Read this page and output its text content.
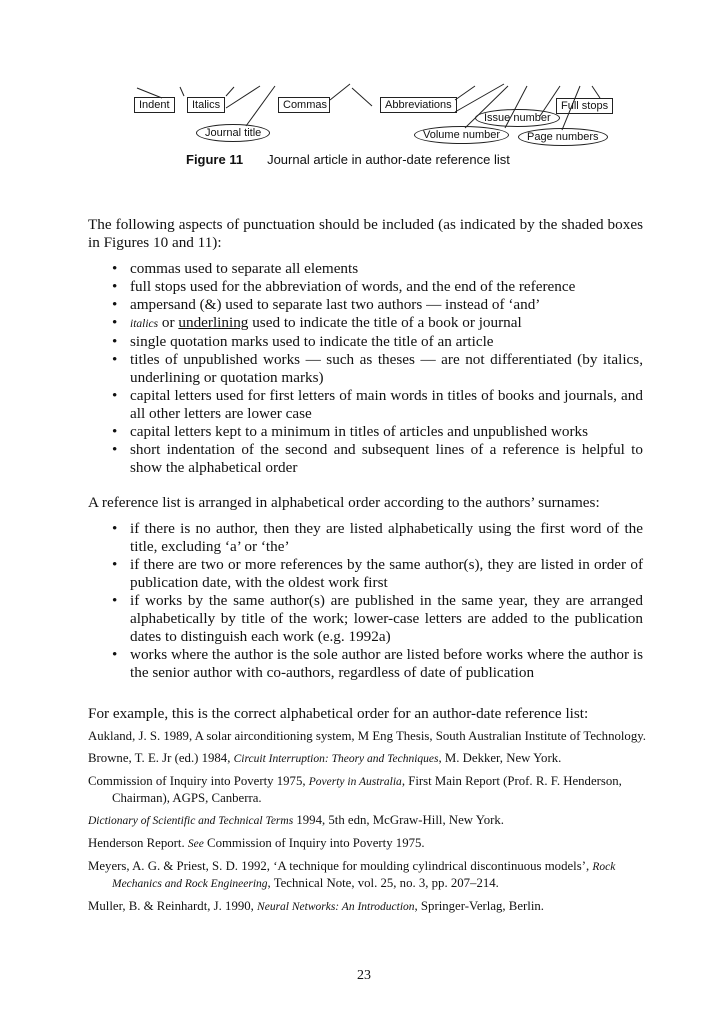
Indent	Italics	Commas	Abbreviations	Full stops
Issue number
Journal title	Volume number	Page numbers
Figure 11 Journal article in author-date reference list
The following aspects of punctuation should be included (as indicated by the shaded boxes in Figures 10 and 11):
• commas used to separate all elements
• full stops used for the abbreviation of words, and the end of the reference
• ampersand (&) used to separate last two authors — instead of ‘and’
• italics or underlining used to indicate the title of a book or journal
• single quotation marks used to indicate the title of an article
• titles of unpublished works — such as theses — are not differentiated (by italics, underlining or quotation marks)
• capital letters used for first letters of main words in titles of books and journals, and all other letters are lower case
• capital letters kept to a minimum in titles of articles and unpublished works
• short indentation of the second and subsequent lines of a reference is helpful to show the alphabetical order
A reference list is arranged in alphabetical order according to the authors’ surnames:
• if there is no author, then they are listed alphabetically using the first word of the title, excluding ‘a’ or ‘the’
• if there are two or more references by the same author(s), they are listed in order of publication date, with the oldest work first
• if works by the same author(s) are published in the same year, they are arranged alphabetically by title of the work; lower-case letters are added to the publication dates to distinguish each work (e.g. 1992a)
• works where the author is the sole author are listed before works where the author is the senior author with co-authors, regardless of date of publication
For example, this is the correct alphabetical order for an author-date reference list:

Aukland, J. S. 1989, A solar airconditioning system, M Eng Thesis, South Australian Institute of Technology.

Browne, T. E. Jr (ed.) 1984, Circuit Interruption: Theory and Techniques, M. Dekker, New York.

Commission of Inquiry into Poverty 1975, Poverty in Australia, First Main Report (Prof. R. F. Henderson, Chairman), AGPS, Canberra.

Dictionary of Scientific and Technical Terms 1994, 5th edn, McGraw-Hill, New York.

Henderson Report. See Commission of Inquiry into Poverty 1975.

Meyers, A. G. & Priest, S. D. 1992, ‘A technique for moulding cylindrical discontinuous models’, Rock Mechanics and Rock Engineering, Technical Note, vol. 25, no. 3, pp. 207–214.

Muller, B. & Reinhardt, J. 1990, Neural Networks: An Introduction, Springer-Verlag, Berlin.

23
